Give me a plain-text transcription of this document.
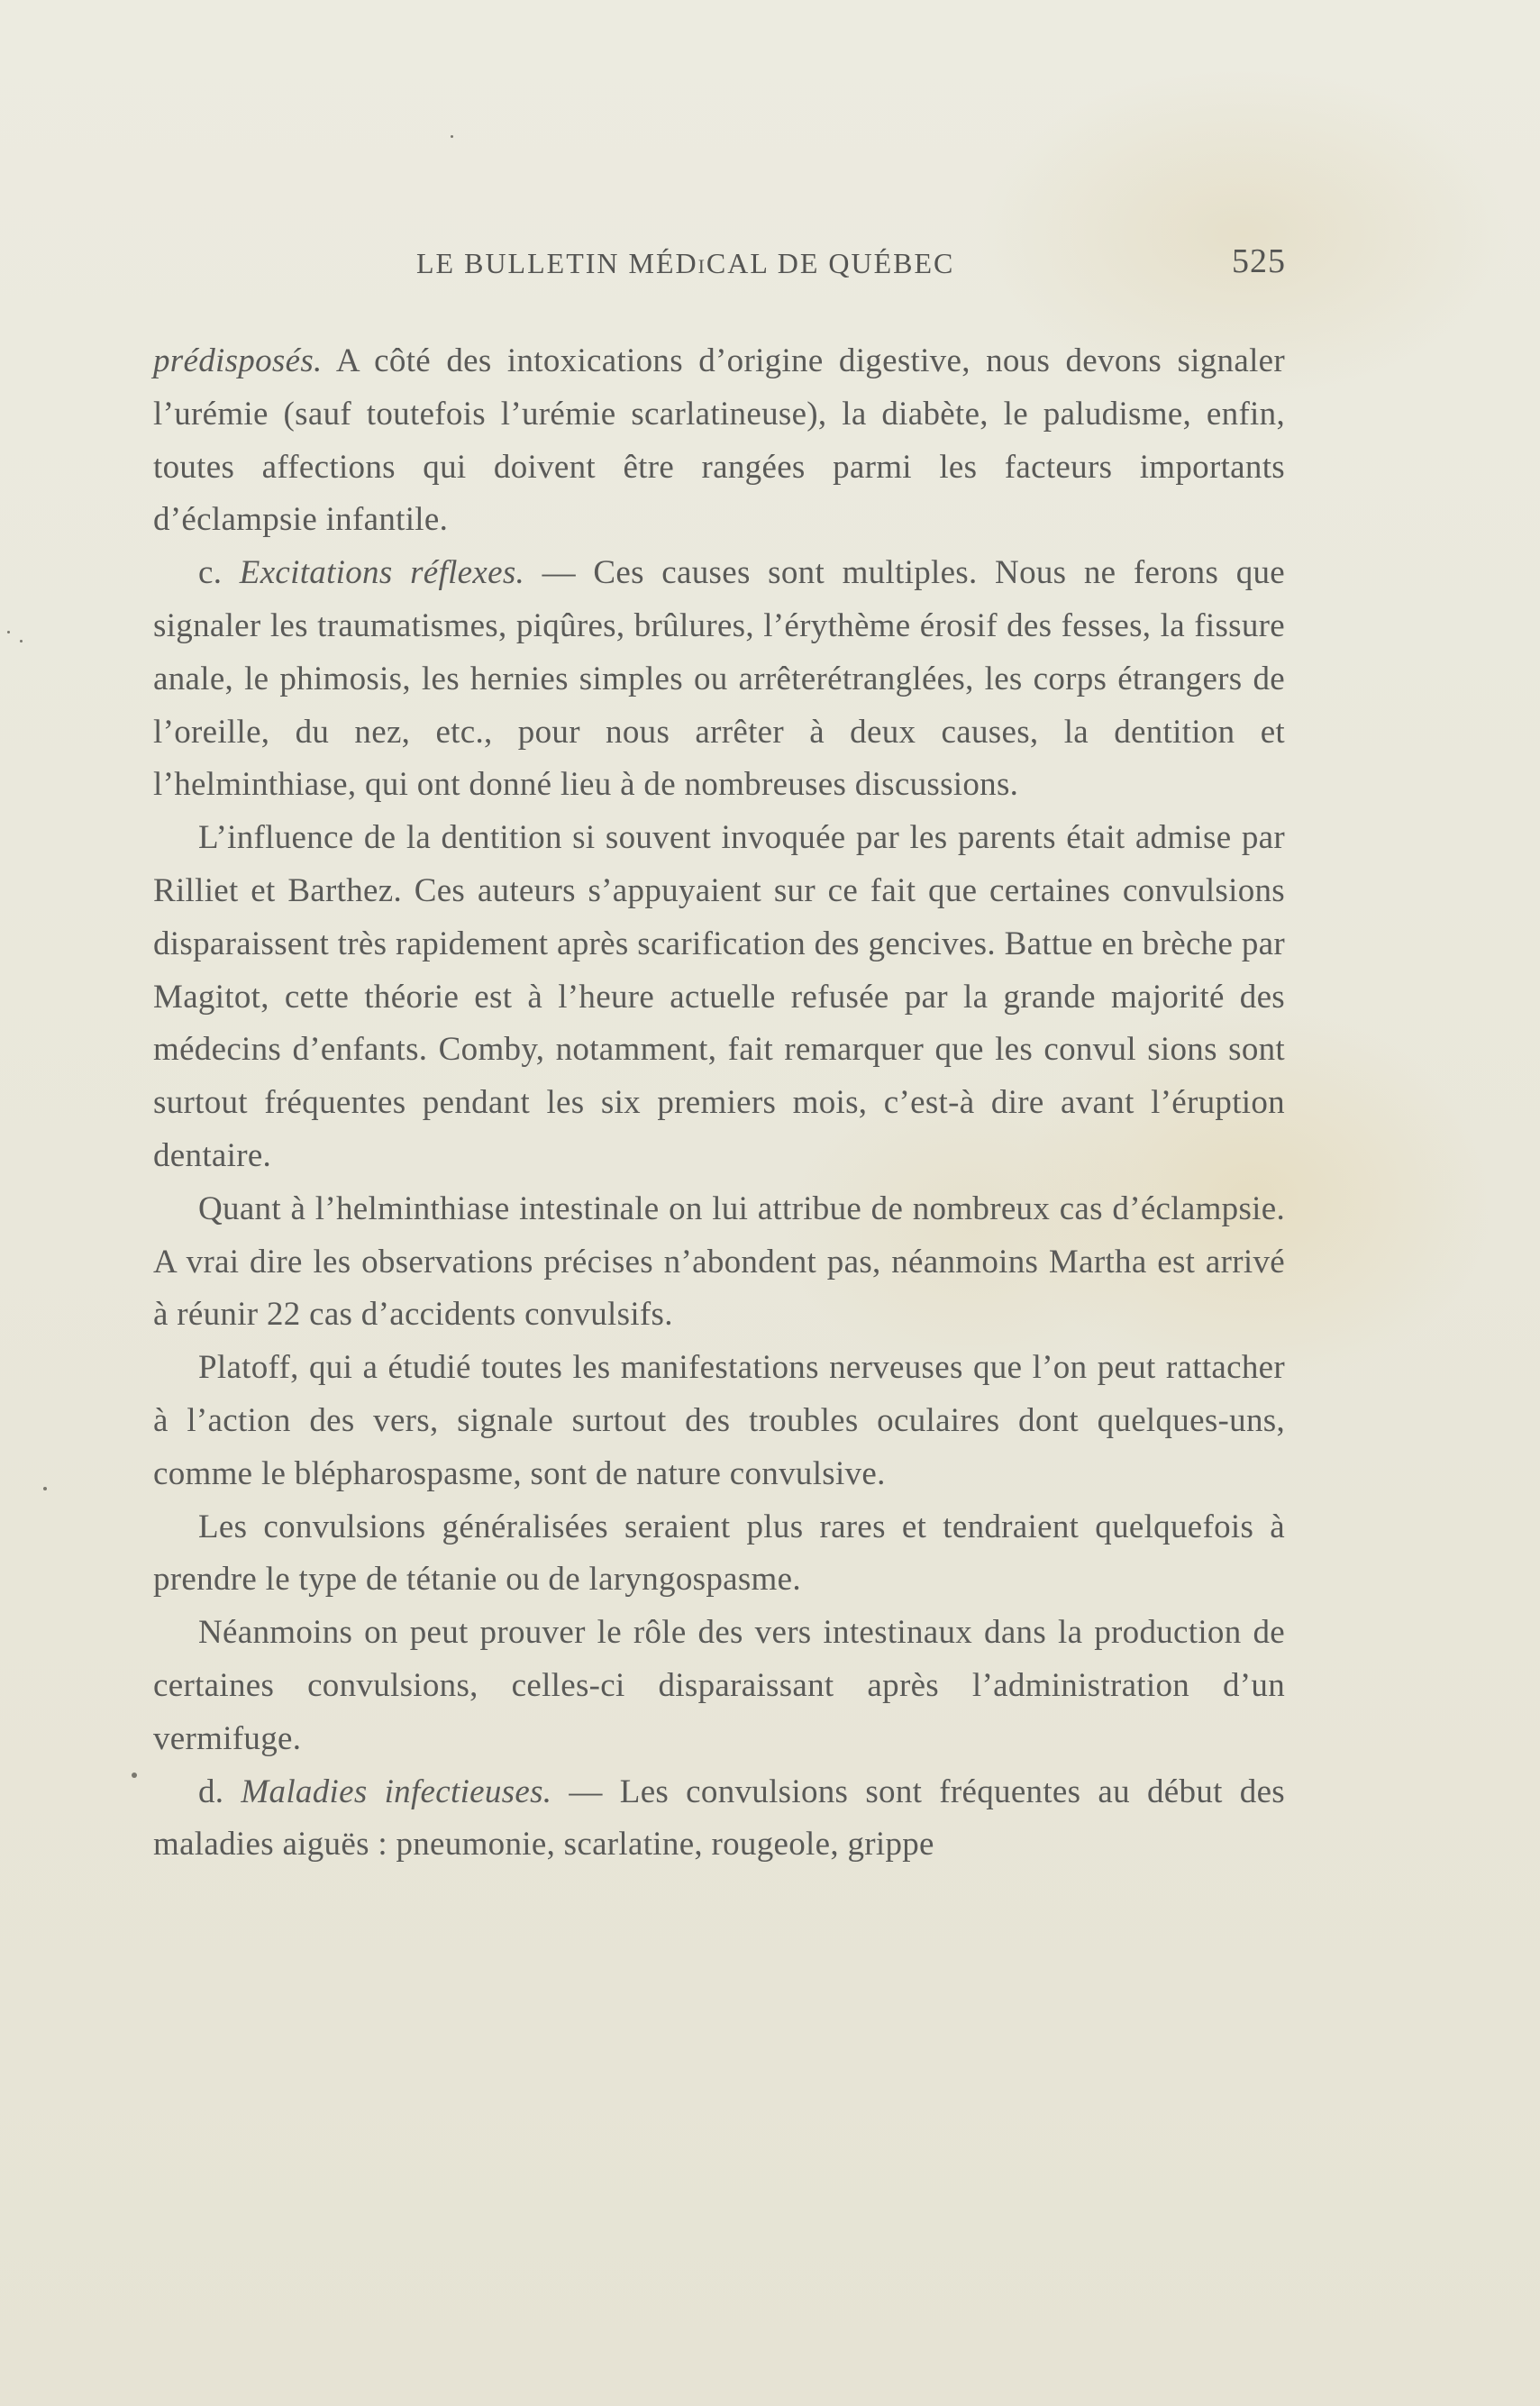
LE BULLETIN MÉDiCAL DE QUÉBEC	525

prédisposés. A côté des intoxications d’origine digestive, nous devons signaler l’urémie (sauf toutefois l’urémie scarlatineuse), la diabète, le paludisme, enfin, toutes affections qui doivent être rangées parmi les facteurs importants d’éclampsie infantile.

c. Excitations réflexes. — Ces causes sont multiples. Nous ne ferons que signaler les traumatismes, piqûres, brûlures, l’érythème érosif des fesses, la fissure anale, le phimosis, les hernies simples ou arrêterétranglées, les corps étrangers de l’oreille, du nez, etc., pour nous arrêter à deux causes, la dentition et l’helminthiase, qui ont donné lieu à de nombreuses discussions.

L’influence de la dentition si souvent invoquée par les parents était admise par Rilliet et Barthez. Ces auteurs s’appuyaient sur ce fait que certaines convulsions disparaissent très rapidement après scarification des gencives. Battue en brèche par Magitot, cette théorie est à l’heure actuelle refusée par la grande majorité des médecins d’enfants. Comby, notamment, fait remarquer que les convul sions sont surtout fréquentes pendant les six premiers mois, c’est-à dire avant l’éruption dentaire.

Quant à l’helminthiase intestinale on lui attribue de nombreux cas d’éclampsie. A vrai dire les observations précises n’abondent pas, néanmoins Martha est arrivé à réunir 22 cas d’accidents convulsifs.

Platoff, qui a étudié toutes les manifestations nerveuses que l’on peut rattacher à l’action des vers, signale surtout des troubles oculaires dont quelques-uns, comme le blépharospasme, sont de nature convulsive.

Les convulsions généralisées seraient plus rares et tendraient quelquefois à prendre le type de tétanie ou de laryngospasme.

Néanmoins on peut prouver le rôle des vers intestinaux dans la production de certaines convulsions, celles-ci disparaissant après l’administration d’un vermifuge.

d. Maladies infectieuses. — Les convulsions sont fréquentes au début des maladies aiguës : pneumonie, scarlatine, rougeole, grippe
